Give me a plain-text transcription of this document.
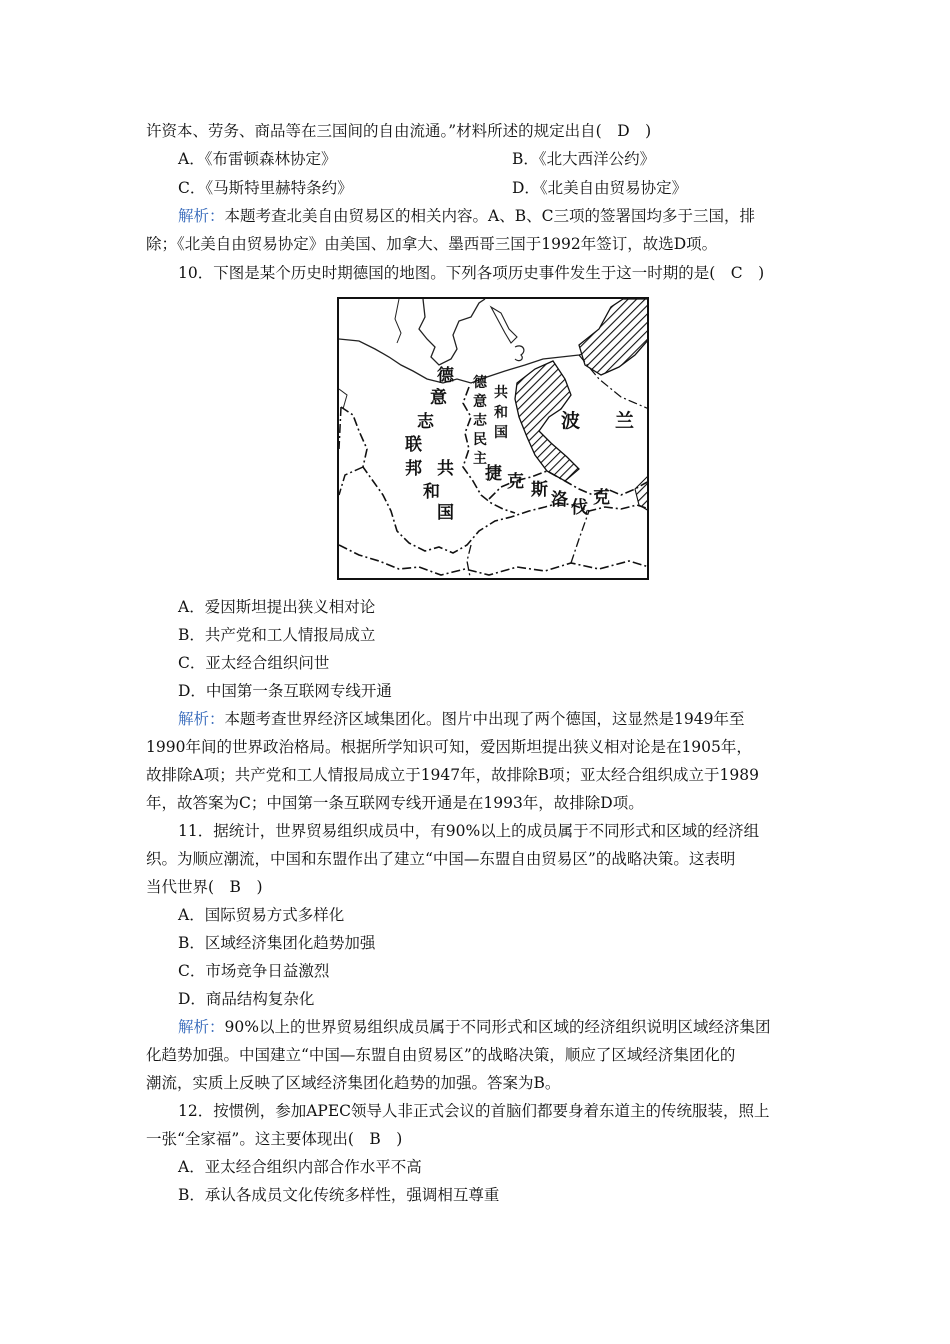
许资本、劳务、商品等在三国间的自由流通。”材料所述的规定出自(　D　)
A．《布雷顿森林协定》	B．《北大西洋公约》
C．《马斯特里赫特条约》	D．《北美自由贸易协定》
解析：本题考查北美自由贸易区的相关内容。A、B、C三项的签署国均多于三国，排
除；《北美自由贸易协定》由美国、加拿大、墨西哥三国于1992年签订，故选D项。
10．下图是某个历史时期德国的地图。下列各项历史事件发生于这一时期的是(　C　)
德
意
志
联
邦 共
和
国
德
意
志
民
主
共
和
国
波 兰
捷 克 斯 洛 伐 克
A．爱因斯坦提出狭义相对论
B．共产党和工人情报局成立
C．亚太经合组织问世
D．中国第一条互联网专线开通
解析：本题考查世界经济区域集团化。图片中出现了两个德国，这显然是1949年至
1990年间的世界政治格局。根据所学知识可知，爱因斯坦提出狭义相对论是在1905年，
故排除A项；共产党和工人情报局成立于1947年，故排除B项；亚太经合组织成立于1989
年，故答案为C；中国第一条互联网专线开通是在1993年，故排除D项。
11．据统计，世界贸易组织成员中，有90%以上的成员属于不同形式和区域的经济组
织。为顺应潮流，中国和东盟作出了建立“中国—东盟自由贸易区”的战略决策。这表明
当代世界(　B　)
A．国际贸易方式多样化
B．区域经济集团化趋势加强
C．市场竞争日益激烈
D．商品结构复杂化
解析：90%以上的世界贸易组织成员属于不同形式和区域的经济组织说明区域经济集团
化趋势加强。中国建立“中国—东盟自由贸易区”的战略决策，顺应了区域经济集团化的
潮流，实质上反映了区域经济集团化趋势的加强。答案为B。
12．按惯例，参加APEC领导人非正式会议的首脑们都要身着东道主的传统服装，照上
一张“全家福”。这主要体现出(　B　)
A．亚太经合组织内部合作水平不高
B．承认各成员文化传统多样性，强调相互尊重
